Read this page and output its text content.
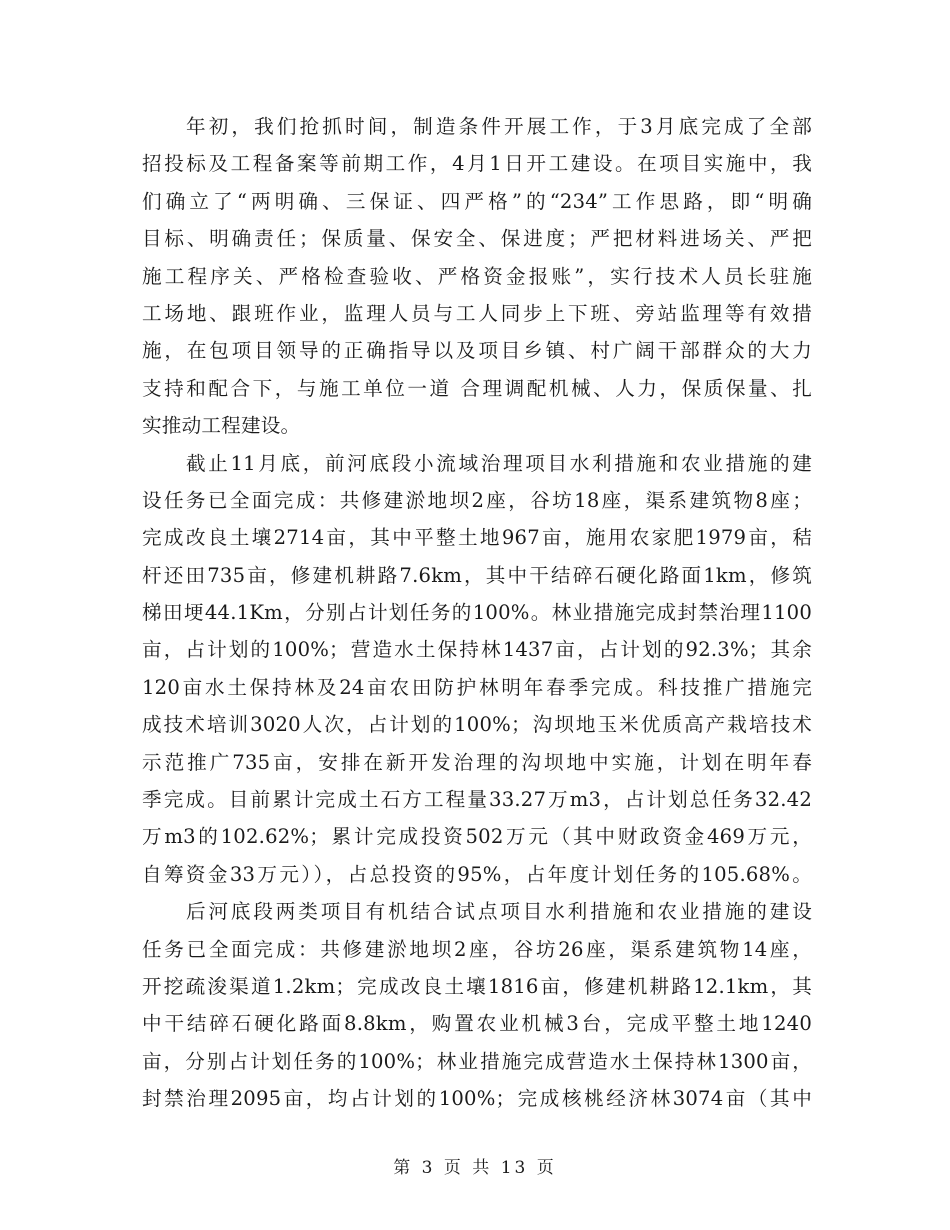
年初，我们抢抓时间，制造条件开展工作，于3月底完成了全部
招投标及工程备案等前期工作，4月1日开工建设。在项目实施中，我
们确立了“两明确、三保证、四严格”的“234”工作思路，即“明确
目标、明确责任；保质量、保安全、保进度；严把材料进场关、严把
施工程序关、严格检查验收、严格资金报账”，实行技术人员长驻施
工场地、跟班作业，监理人员与工人同步上下班、旁站监理等有效措
施，在包项目领导的正确指导以及项目乡镇、村广阔干部群众的大力
支持和配合下，与施工单位一道 合理调配机械、人力，保质保量、扎
实推动工程建设。
截止11月底，前河底段小流域治理项目水利措施和农业措施的建
设任务已全面完成：共修建淤地坝2座，谷坊18座，渠系建筑物8座；
完成改良土壤2714亩，其中平整土地967亩，施用农家肥1979亩，秸
杆还田735亩，修建机耕路7.6km，其中干结碎石硬化路面1km，修筑
梯田埂44.1Km，分别占计划任务的100%。林业措施完成封禁治理1100
亩，占计划的100%；营造水土保持林1437亩，占计划的92.3%；其余
120亩水土保持林及24亩农田防护林明年春季完成。科技推广措施完
成技术培训3020人次，占计划的100%；沟坝地玉米优质高产栽培技术
示范推广735亩，安排在新开发治理的沟坝地中实施，计划在明年春
季完成。目前累计完成土石方工程量33.27万m3，占计划总任务32.42
万m3的102.62%；累计完成投资502万元（其中财政资金469万元，
自筹资金33万元）），占总投资的95%，占年度计划任务的105.68%。
后河底段两类项目有机结合试点项目水利措施和农业措施的建设
任务已全面完成：共修建淤地坝2座，谷坊26座，渠系建筑物14座，
开挖疏浚渠道1.2km；完成改良土壤1816亩，修建机耕路12.1km，其
中干结碎石硬化路面8.8km，购置农业机械3台，完成平整土地1240
亩，分别占计划任务的100%；林业措施完成营造水土保持林1300亩，
封禁治理2095亩，均占计划的100%；完成核桃经济林3074亩（其中
第 3 页 共 13 页
